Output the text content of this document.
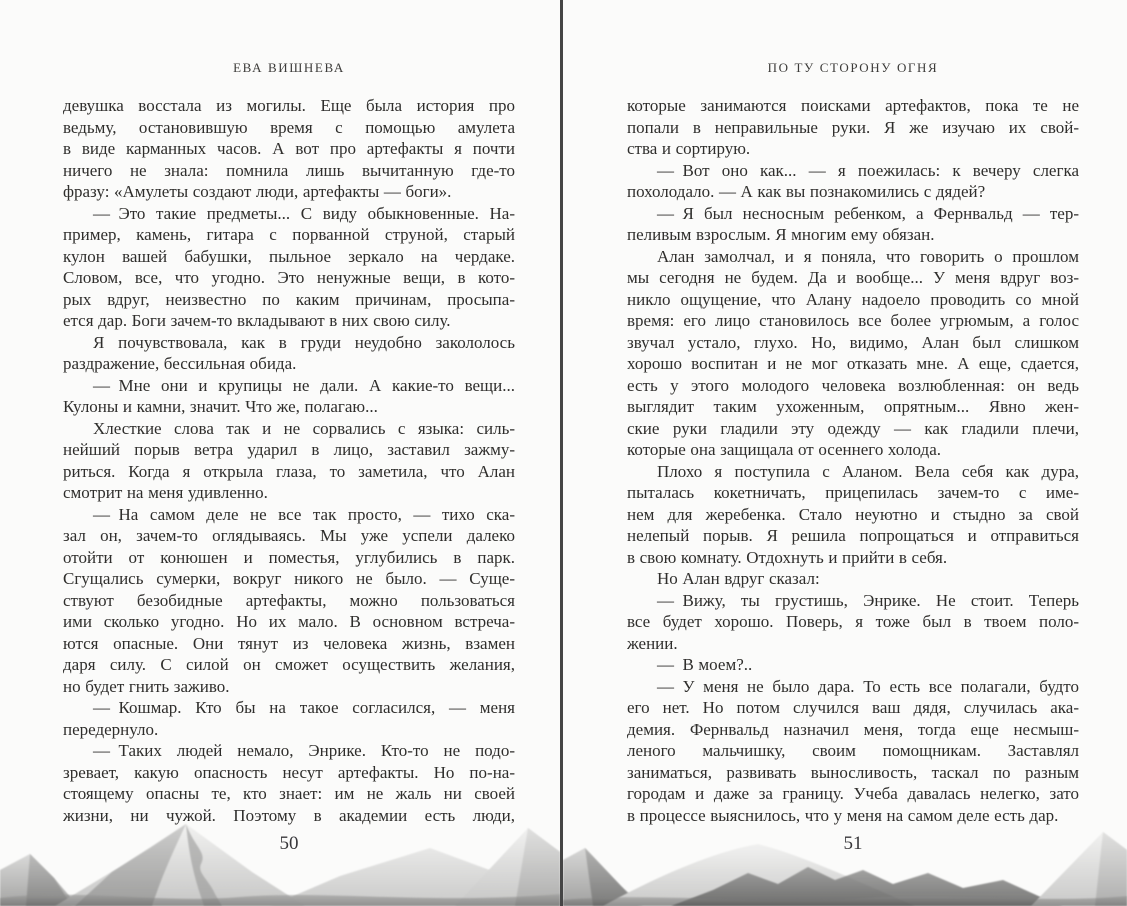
ЕВА ВИШНЕВА
девушка восстала из могилы. Еще была история про
ведьму, остановившую время с помощью амулета
в виде карманных часов. А вот про артефакты я почти
ничего не знала: помнила лишь вычитанную где-то
фразу: «Амулеты создают люди, артефакты — боги».
— Это такие предметы... С виду обыкновенные. На-
пример, камень, гитара с порванной струной, старый
кулон вашей бабушки, пыльное зеркало на чердаке.
Словом, все, что угодно. Это ненужные вещи, в кото-
рых вдруг, неизвестно по каким причинам, просыпа-
ется дар. Боги зачем-то вкладывают в них свою силу.
Я почувствовала, как в груди неудобно закололось
раздражение, бессильная обида.
— Мне они и крупицы не дали. А какие-то вещи...
Кулоны и камни, значит. Что же, полагаю...
Хлесткие слова так и не сорвались с языка: силь-
нейший порыв ветра ударил в лицо, заставил зажму-
риться. Когда я открыла глаза, то заметила, что Алан
смотрит на меня удивленно.
— На самом деле не все так просто, — тихо ска-
зал он, зачем-то оглядываясь. Мы уже успели далеко
отойти от конюшен и поместья, углубились в парк.
Сгущались сумерки, вокруг никого не было. — Суще-
ствуют безобидные артефакты, можно пользоваться
ими сколько угодно. Но их мало. В основном встреча-
ются опасные. Они тянут из человека жизнь, взамен
даря силу. С силой он сможет осуществить желания,
но будет гнить заживо.
— Кошмар. Кто бы на такое согласился, — меня
передернуло.
— Таких людей немало, Энрике. Кто-то не подо-
зревает, какую опасность несут артефакты. Но по-на-
стоящему опасны те, кто знает: им не жаль ни своей
жизни, ни чужой. Поэтому в академии есть люди,
50
ПО ТУ СТОРОНУ ОГНЯ
которые занимаются поисками артефактов, пока те не
попали в неправильные руки. Я же изучаю их свой-
ства и сортирую.
— Вот оно как... — я поежилась: к вечеру слегка
похолодало. — А как вы познакомились с дядей?
— Я был несносным ребенком, а Фернвальд — тер-
пеливым взрослым. Я многим ему обязан.
Алан замолчал, и я поняла, что говорить о прошлом
мы сегодня не будем. Да и вообще... У меня вдруг воз-
никло ощущение, что Алану надоело проводить со мной
время: его лицо становилось все более угрюмым, а голос
звучал устало, глухо. Но, видимо, Алан был слишком
хорошо воспитан и не мог отказать мне. А еще, сдается,
есть у этого молодого человека возлюбленная: он ведь
выглядит таким ухоженным, опрятным... Явно жен-
ские руки гладили эту одежду — как гладили плечи,
которые она защищала от осеннего холода.
Плохо я поступила с Аланом. Вела себя как дура,
пыталась кокетничать, прицепилась зачем-то с име-
нем для жеребенка. Стало неуютно и стыдно за свой
нелепый порыв. Я решила попрощаться и отправиться
в свою комнату. Отдохнуть и прийти в себя.
Но Алан вдруг сказал:
— Вижу, ты грустишь, Энрике. Не стоит. Теперь
все будет хорошо. Поверь, я тоже был в твоем поло-
жении.
— В моем?..
— У меня не было дара. То есть все полагали, будто
его нет. Но потом случился ваш дядя, случилась ака-
демия. Фернвальд назначил меня, тогда еще несмыш-
леного мальчишку, своим помощникам. Заставлял
заниматься, развивать выносливость, таскал по разным
городам и даже за границу. Учеба давалась нелегко, зато
в процессе выяснилось, что у меня на самом деле есть дар.
51
